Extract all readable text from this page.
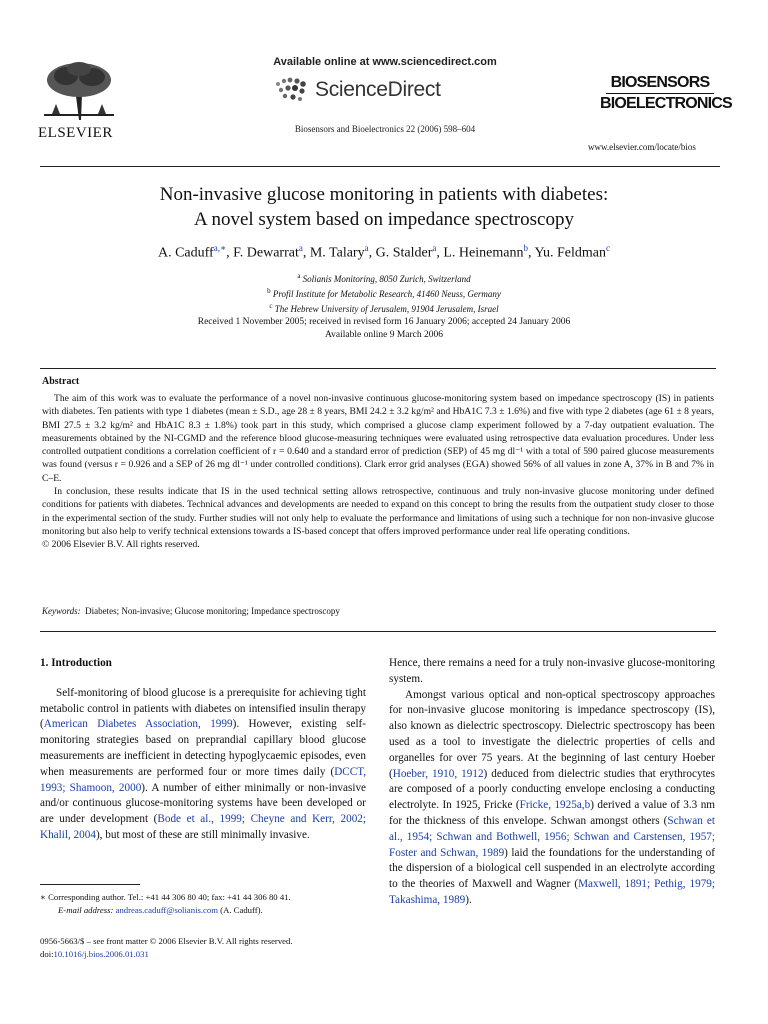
ELSEVIER
Available online at www.sciencedirect.com
ScienceDirect
Biosensors and Bioelectronics 22 (2006) 598–604
BIOSENSORS
BIOELECTRONICS
www.elsevier.com/locate/bios
Non-invasive glucose monitoring in patients with diabetes:
A novel system based on impedance spectroscopy
A. Caduff$^{a,∗}$, F. Dewarrat$^a$, M. Talary$^a$, G. Stalder$^a$, L. Heinemann$^b$, Yu. Feldman$^c$
$^a$ Solianis Monitoring, 8050 Zurich, Switzerland
$^b$ Profil Institute for Metabolic Research, 41460 Neuss, Germany
$^c$ The Hebrew University of Jerusalem, 91904 Jerusalem, Israel
Received 1 November 2005; received in revised form 16 January 2006; accepted 24 January 2006
Available online 9 March 2006
Abstract

The aim of this work was to evaluate the performance of a novel non-invasive continuous glucose-monitoring system based on impedance spectroscopy (IS) in patients with diabetes. Ten patients with type 1 diabetes (mean ± S.D., age 28 ± 8 years, BMI 24.2 ± 3.2 kg/m² and HbA1C 7.3 ± 1.6%) and five with type 2 diabetes (age 61 ± 8 years, BMI 27.5 ± 3.2 kg/m² and HbA1C 8.3 ± 1.8%) took part in this study, which comprised a glucose clamp experiment followed by a 7-day outpatient evaluation. The measurements obtained by the NI-CGMD and the reference blood glucose-measuring techniques were evaluated using retrospective data evaluation procedures. Under less controlled outpatient conditions a correlation coefficient of r = 0.640 and a standard error of prediction (SEP) of 45 mg dl⁻¹ with a total of 590 paired glucose measurements was found (versus r = 0.926 and a SEP of 26 mg dl⁻¹ under controlled conditions). Clark error grid analyses (EGA) showed 56% of all values in zone A, 37% in B and 7% in C–E.

In conclusion, these results indicate that IS in the used technical setting allows retrospective, continuous and truly non-invasive glucose monitoring under defined conditions for patients with diabetes. Technical advances and developments are needed to expand on this concept to bring the results from the outpatient study closer to those in the experimental section of the study. Further studies will not only help to evaluate the performance and limitations of using such a technique for non non-invasive glucose monitoring but also help to verify technical extensions towards a IS-based concept that offers improved performance under real life operating conditions.

© 2006 Elsevier B.V. All rights reserved.

Keywords: Diabetes; Non-invasive; Glucose monitoring; Impedance spectroscopy
1. Introduction

Self-monitoring of blood glucose is a prerequisite for achieving tight metabolic control in patients with diabetes on intensified insulin therapy (American Diabetes Association, 1999). However, existing self-monitoring strategies based on preprandial capillary blood glucose measurements are inefficient in detecting hypoglycaemic episodes, even when measurements are performed four or more times daily (DCCT, 1993; Shamoon, 2000). A number of either minimally or non-invasive and/or continuous glucose-monitoring systems have been developed or are under development (Bode et al., 1999; Cheyne and Kerr, 2002; Khalil, 2004), but most of these are still minimally invasive.

Hence, there remains a need for a truly non-invasive glucose-monitoring system.

Amongst various optical and non-optical spectroscopy approaches for non-invasive glucose monitoring is impedance spectroscopy (IS), also known as dielectric spectroscopy. Dielectric spectroscopy has been used as a tool to investigate the dielectric properties of cells and organelles for over 75 years. At the beginning of last century Hoeber (Hoeber, 1910, 1912) deduced from dielectric studies that erythrocytes are composed of a poorly conducting envelope enclosing a conducting electrolyte. In 1925, Fricke (Fricke, 1925a,b) derived a value of 3.3 nm for the thickness of this envelope. Schwan amongst others (Schwan et al., 1954; Schwan and Bothwell, 1956; Schwan and Carstensen, 1957; Foster and Schwan, 1989) laid the foundations for the understanding of the dispersion of a biological cell suspended in an electrolyte according to the theories of Maxwell and Wagner (Maxwell, 1891; Pethig, 1979; Takashima, 1989).

∗ Corresponding author. Tel.: +41 44 306 80 40; fax: +41 44 306 80 41.
E-mail address: andreas.caduff@solianis.com (A. Caduff).
0956-5663/$ – see front matter © 2006 Elsevier B.V. All rights reserved.
doi:10.1016/j.bios.2006.01.031
